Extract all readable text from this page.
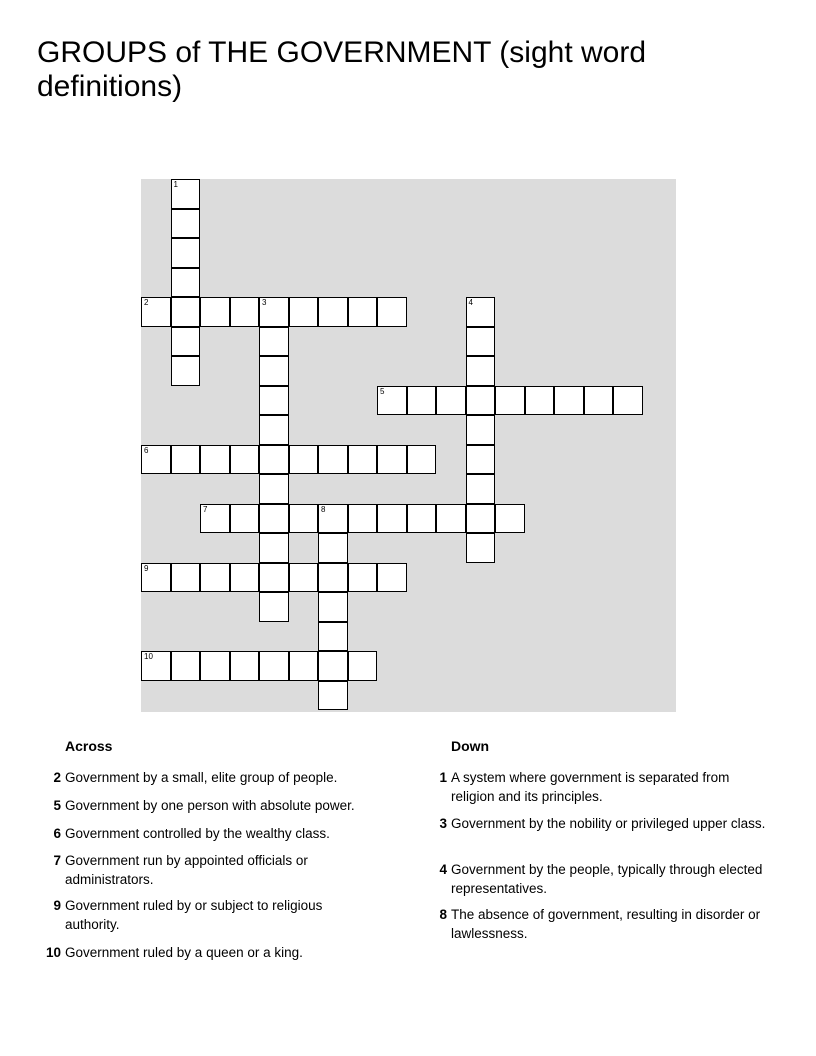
GROUPS of THE GOVERNMENT (sight word definitions)
1
2	3	4
5
6
7	8
9
10
Across	Down
2 Government by a small, elite group of people.
5 Government by one person with absolute power.
6 Government controlled by the wealthy class.
7 Government run by appointed officials or administrators.
9 Government ruled by or subject to religious authority.
10 Government ruled by a queen or a king.
1 A system where government is separated from religion and its principles.
3 Government by the nobility or privileged upper class.
4 Government by the people, typically through elected representatives.
8 The absence of government, resulting in disorder or lawlessness.
